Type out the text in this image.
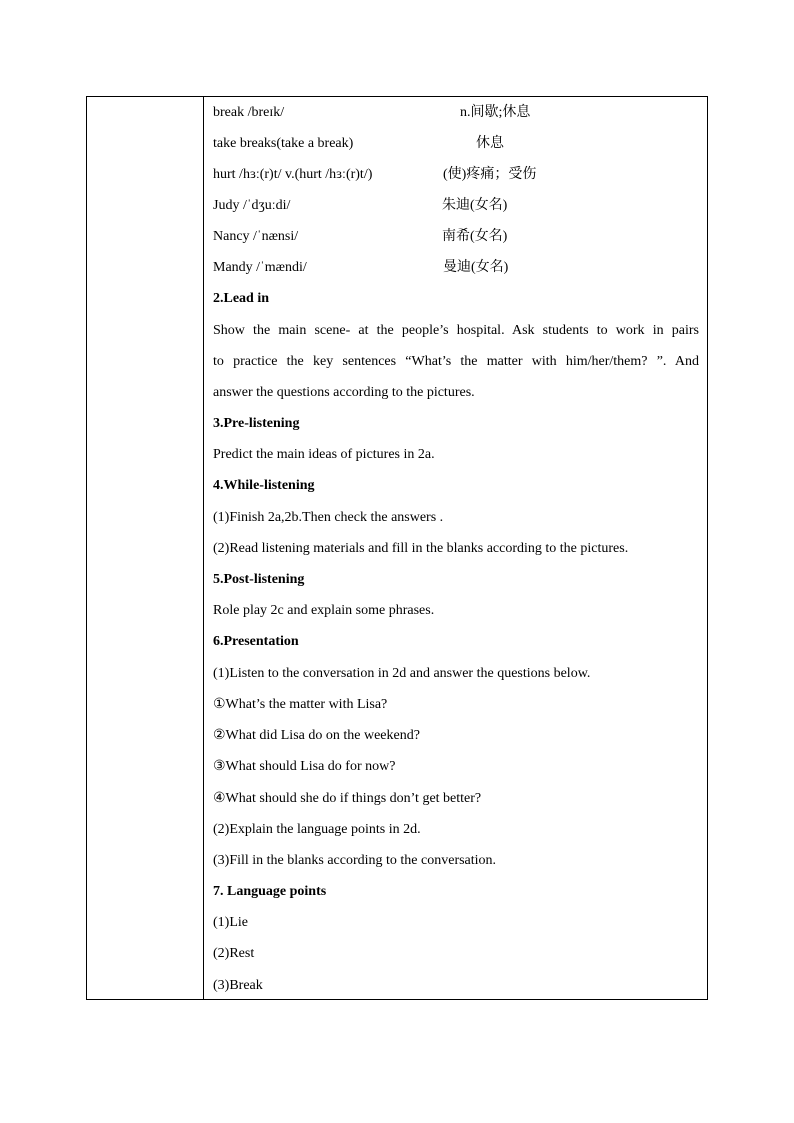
break /breɪk/	n.间歇;休息
take breaks(take a break)	休息
hurt /hɜː(r)t/ v.(hurt /hɜː(r)t/)	(使)疼痛；受伤
Judy /ˈdʒuːdi/	朱迪(女名)
Nancy /ˈnænsi/	南希(女名)
Mandy /ˈmændi/	曼迪(女名)
2.Lead in
Show the main scene- at the people’s hospital. Ask students to work in pairs
to practice the key sentences “What’s the matter with him/her/them? ”. And
answer the questions according to the pictures.
3.Pre-listening
Predict the main ideas of pictures in 2a.
4.While-listening
(1)Finish 2a,2b.Then check the answers .
(2)Read listening materials and fill in the blanks according to the pictures.
5.Post-listening
Role play 2c and explain some phrases.
6.Presentation
(1)Listen to the conversation in 2d and answer the questions below.
①What’s the matter with Lisa?
②What did Lisa do on the weekend?
③What should Lisa do for now?
④What should she do if things don’t get better?
(2)Explain the language points in 2d.
(3)Fill in the blanks according to the conversation.
7. Language points
(1)Lie
(2)Rest
(3)Break
